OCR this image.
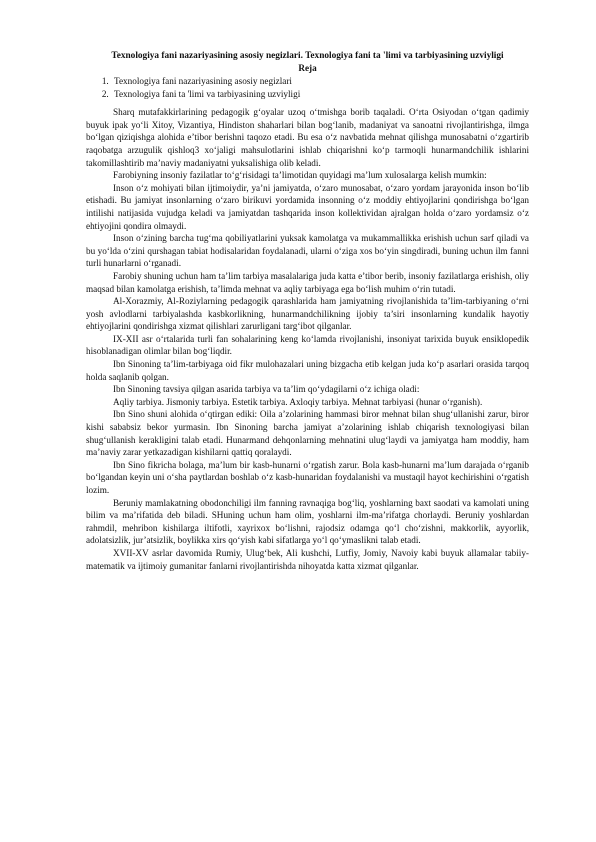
Texnologiya fani nazariyasining asosiy negizlari. Texnologiya fani ta 'limi va tarbiyasining uzviyligi
Reja
1. Texnologiya fani nazariyasining asosiy negizlari
2. Texnologiya fani ta 'limi va tarbiyasining uzviyligi

Sharq mutafakkirlarining pedagogik g‘oyalar uzoq o‘tmishga borib taqaladi. O‘rta Osiyodan o‘tgan qadimiy buyuk ipak yo‘li Xitoy, Vizantiya, Hindiston shaharlari bilan bog‘lanib, madaniyat va sanoatni rivojlantirishga, ilmga bo‘lgan qiziqishga alohida e’tibor berishni taqozo etadi. Bu esa o‘z navbatida mehnat qilishga munosabatni o‘zgartirib raqobatga arzugulik qishloq3 xo‘jaligi mahsulotlarini ishlab chiqarishni ko‘p tarmoqli hunarmandchilik ishlarini takomillashtirib ma’naviy madaniyatni yuksalishiga olib keladi.

Farobiyning insoniy fazilatlar to‘g‘risidagi ta’limotidan quyidagi ma’lum xulosalarga kelish mumkin:

Inson o‘z mohiyati bilan ijtimoiydir, ya’ni jamiyatda, o‘zaro munosabat, o‘zaro yordam jarayonida inson bo‘lib etishadi. Bu jamiyat insonlarning o‘zaro birikuvi yordamida insonning o‘z moddiy ehtiyojlarini qondirishga bo‘lgan intilishi natijasida vujudga keladi va jamiyatdan tashqarida inson kollektividan ajralgan holda o‘zaro yordamsiz o‘z ehtiyojini qondira olmaydi.

Inson o‘zining barcha tug‘ma qobiliyatlarini yuksak kamolatga va mukammallikka erishish uchun sarf qiladi va bu yo‘lda o‘zini qurshagan tabiat hodisalaridan foydalanadi, ularni o‘ziga xos bo‘yin singdiradi, buning uchun ilm fanni turli hunarlarni o‘rganadi.

Farobiy shuning uchun ham ta’lim tarbiya masalalariga juda katta e’tibor berib, insoniy fazilatlarga erishish, oliy maqsad bilan kamolatga erishish, ta’limda mehnat va aqliy tarbiyaga ega bo‘lish muhim o‘rin tutadi.

Al-Xorazmiy, Al-Roziylarning pedagogik qarashlarida ham jamiyatning rivojlanishida ta’lim-tarbiyaning o‘rni yosh avlodlarni tarbiyalashda kasbkorlikning, hunarmandchilikning ijobiy ta’siri insonlarning kundalik hayotiy ehtiyojlarini qondirishga xizmat qilishlari zarurligani targ‘ibot qilganlar.

IX-XII asr o‘rtalarida turli fan sohalarining keng ko‘lamda rivojlanishi, insoniyat tarixida buyuk ensiklopedik hisoblanadigan olimlar bilan bog‘liqdir.

Ibn Sinoning ta’lim-tarbiyaga oid fikr mulohazalari uning bizgacha etib kelgan juda ko‘p asarlari orasida tarqoq holda saqlanib qolgan.

Ibn Sinoning tavsiya qilgan asarida tarbiya va ta’lim qo‘ydagilarni o‘z ichiga oladi:

Aqliy tarbiya. Jismoniy tarbiya. Estetik tarbiya. Axloqiy tarbiya. Mehnat tarbiyasi (hunar o‘rganish).

Ibn Sino shuni alohida o‘qtirgan ediki: Oila a’zolarining hammasi biror mehnat bilan shug‘ullanishi zarur, biror kishi sababsiz bekor yurmasin. Ibn Sinoning barcha jamiyat a’zolarining ishlab chiqarish texnologiyasi bilan shug‘ullanish kerakligini talab etadi. Hunarmand dehqonlarning mehnatini ulug‘laydi va jamiyatga ham moddiy, ham ma’naviy zarar yetkazadigan kishilarni qattiq qoralaydi.

Ibn Sino fikricha bolaga, ma’lum bir kasb-hunarni o‘rgatish zarur. Bola kasb-hunarni ma’lum darajada o‘rganib bo‘lgandan keyin uni o‘sha paytlardan boshlab o‘z kasb-hunaridan foydalanishi va mustaqil hayot kechirishini o‘rgatish lozim.

Beruniy mamlakatning obodonchiligi ilm fanning ravnaqiga bog‘liq, yoshlarning baxt saodati va kamolati uning bilim va ma’rifatida deb biladi. SHuning uchun ham olim, yoshlarni ilm-ma’rifatga chorlaydi. Beruniy yoshlardan rahmdil, mehribon kishilarga iltifotli, xayrixox bo‘lishni, rajodsiz odamga qo‘l cho‘zishni, makkorlik, ayyorlik, adolatsizlik, jur’atsizlik, boylikka xirs qo‘yish kabi sifatlarga yo‘l qo‘ymaslikni talab etadi.

XVII-XV asrlar davomida Rumiy, Ulug‘bek, Ali kushchi, Lutfiy, Jomiy, Navoiy kabi buyuk allamalar tabiiy-matematik va ijtimoiy gumanitar fanlarni rivojlantirishda nihoyatda katta xizmat qilganlar.
